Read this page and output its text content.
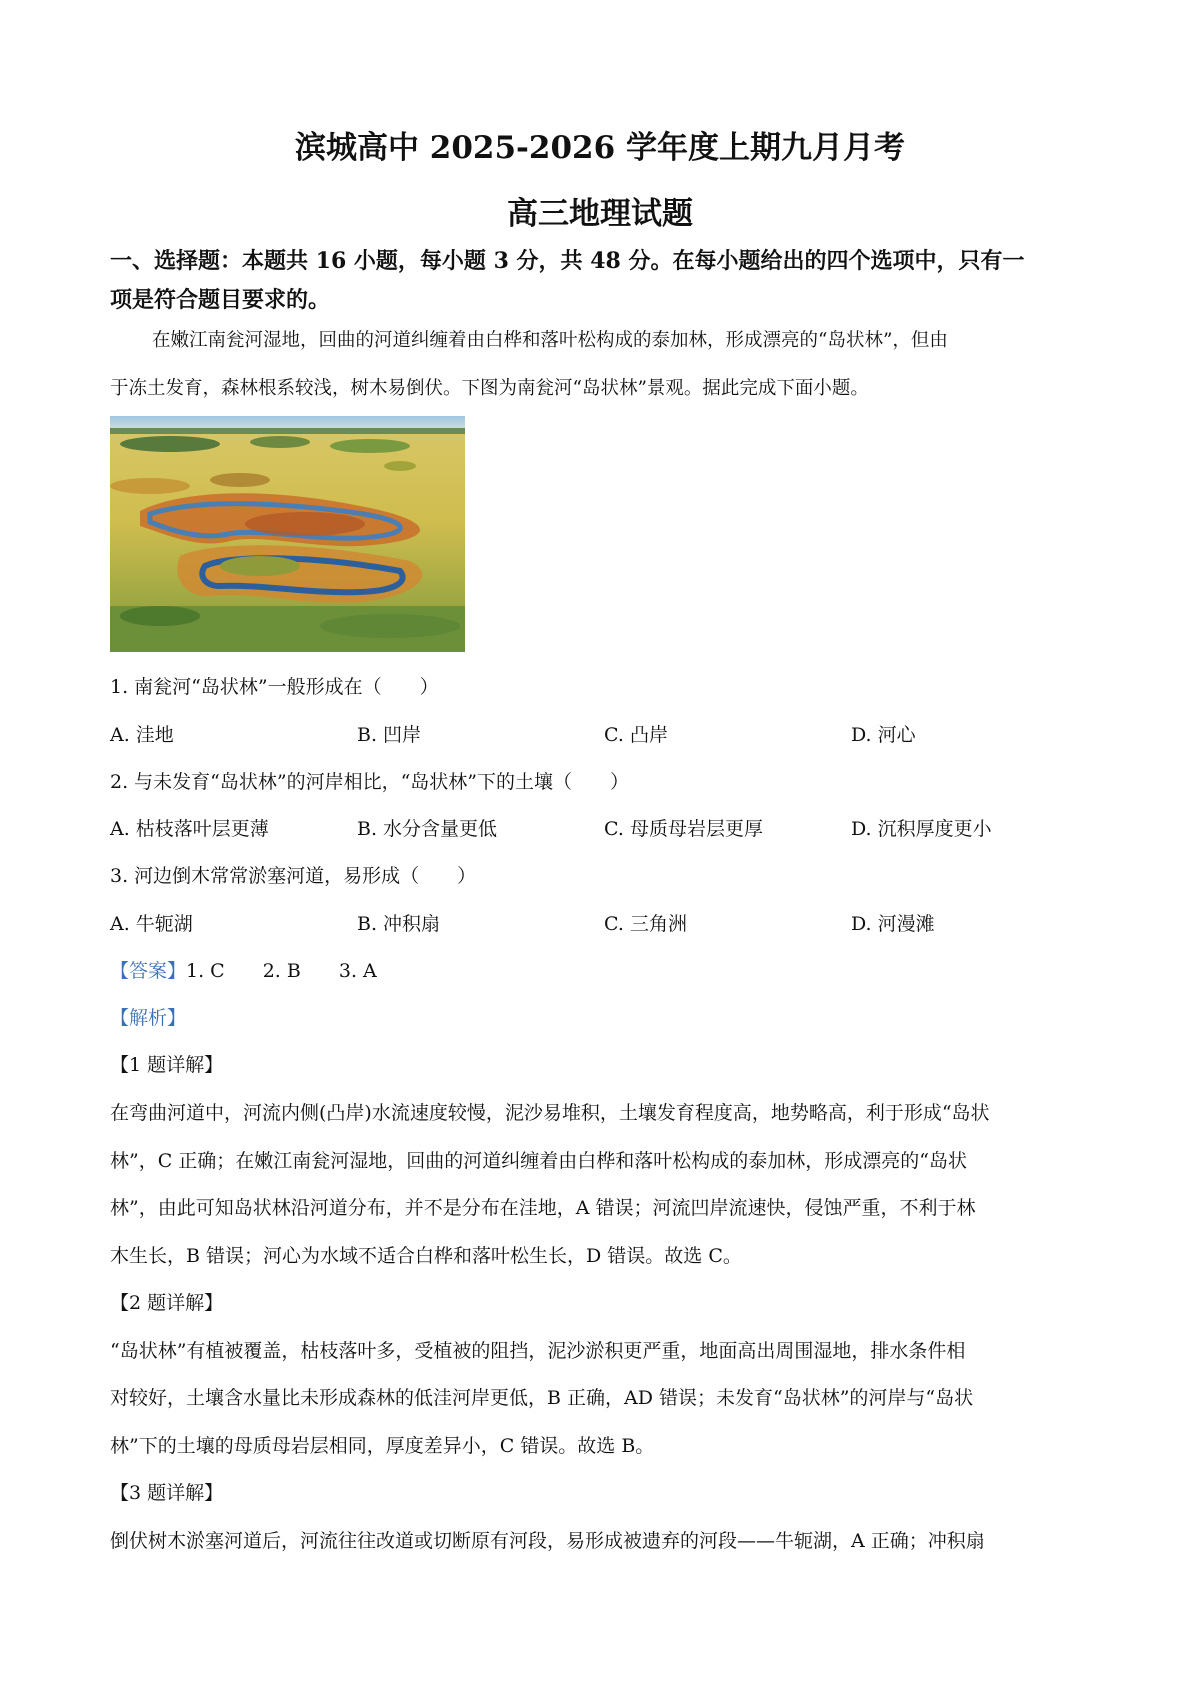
滨城高中 2025-2026 学年度上期九月月考
高三地理试题
一、选择题：本题共 16 小题，每小题 3 分，共 48 分。在每小题给出的四个选项中，只有一
项是符合题目要求的。
在嫩江南瓮河湿地，回曲的河道纠缠着由白桦和落叶松构成的泰加林，形成漂亮的“岛状林”，但由
于冻土发育，森林根系较浅，树木易倒伏。下图为南瓮河“岛状林”景观。据此完成下面小题。
1. 南瓮河“岛状林”一般形成在（　　）
A. 洼地	B. 凹岸	C. 凸岸	D. 河心
2. 与未发育“岛状林”的河岸相比，“岛状林”下的土壤（　　）
A. 枯枝落叶层更薄	B. 水分含量更低	C. 母质母岩层更厚	D. 沉积厚度更小
3. 河边倒木常常淤塞河道，易形成（　　）
A. 牛轭湖	B. 冲积扇	C. 三角洲	D. 河漫滩
【答案】1. C　　2. B　　3. A
【解析】
【1 题详解】
在弯曲河道中，河流内侧(凸岸)水流速度较慢，泥沙易堆积，土壤发育程度高，地势略高，利于形成“岛状
林”，C 正确；在嫩江南瓮河湿地，回曲的河道纠缠着由白桦和落叶松构成的泰加林，形成漂亮的“岛状
林”，由此可知岛状林沿河道分布，并不是分布在洼地，A 错误；河流凹岸流速快，侵蚀严重，不利于林
木生长，B 错误；河心为水域不适合白桦和落叶松生长，D 错误。故选 C。
【2 题详解】
“岛状林”有植被覆盖，枯枝落叶多，受植被的阻挡，泥沙淤积更严重，地面高出周围湿地，排水条件相
对较好，土壤含水量比未形成森林的低洼河岸更低，B 正确，AD 错误；未发育“岛状林”的河岸与“岛状
林”下的土壤的母质母岩层相同，厚度差异小，C 错误。故选 B。
【3 题详解】
倒伏树木淤塞河道后，河流往往改道或切断原有河段，易形成被遗弃的河段——牛轭湖，A 正确；冲积扇
